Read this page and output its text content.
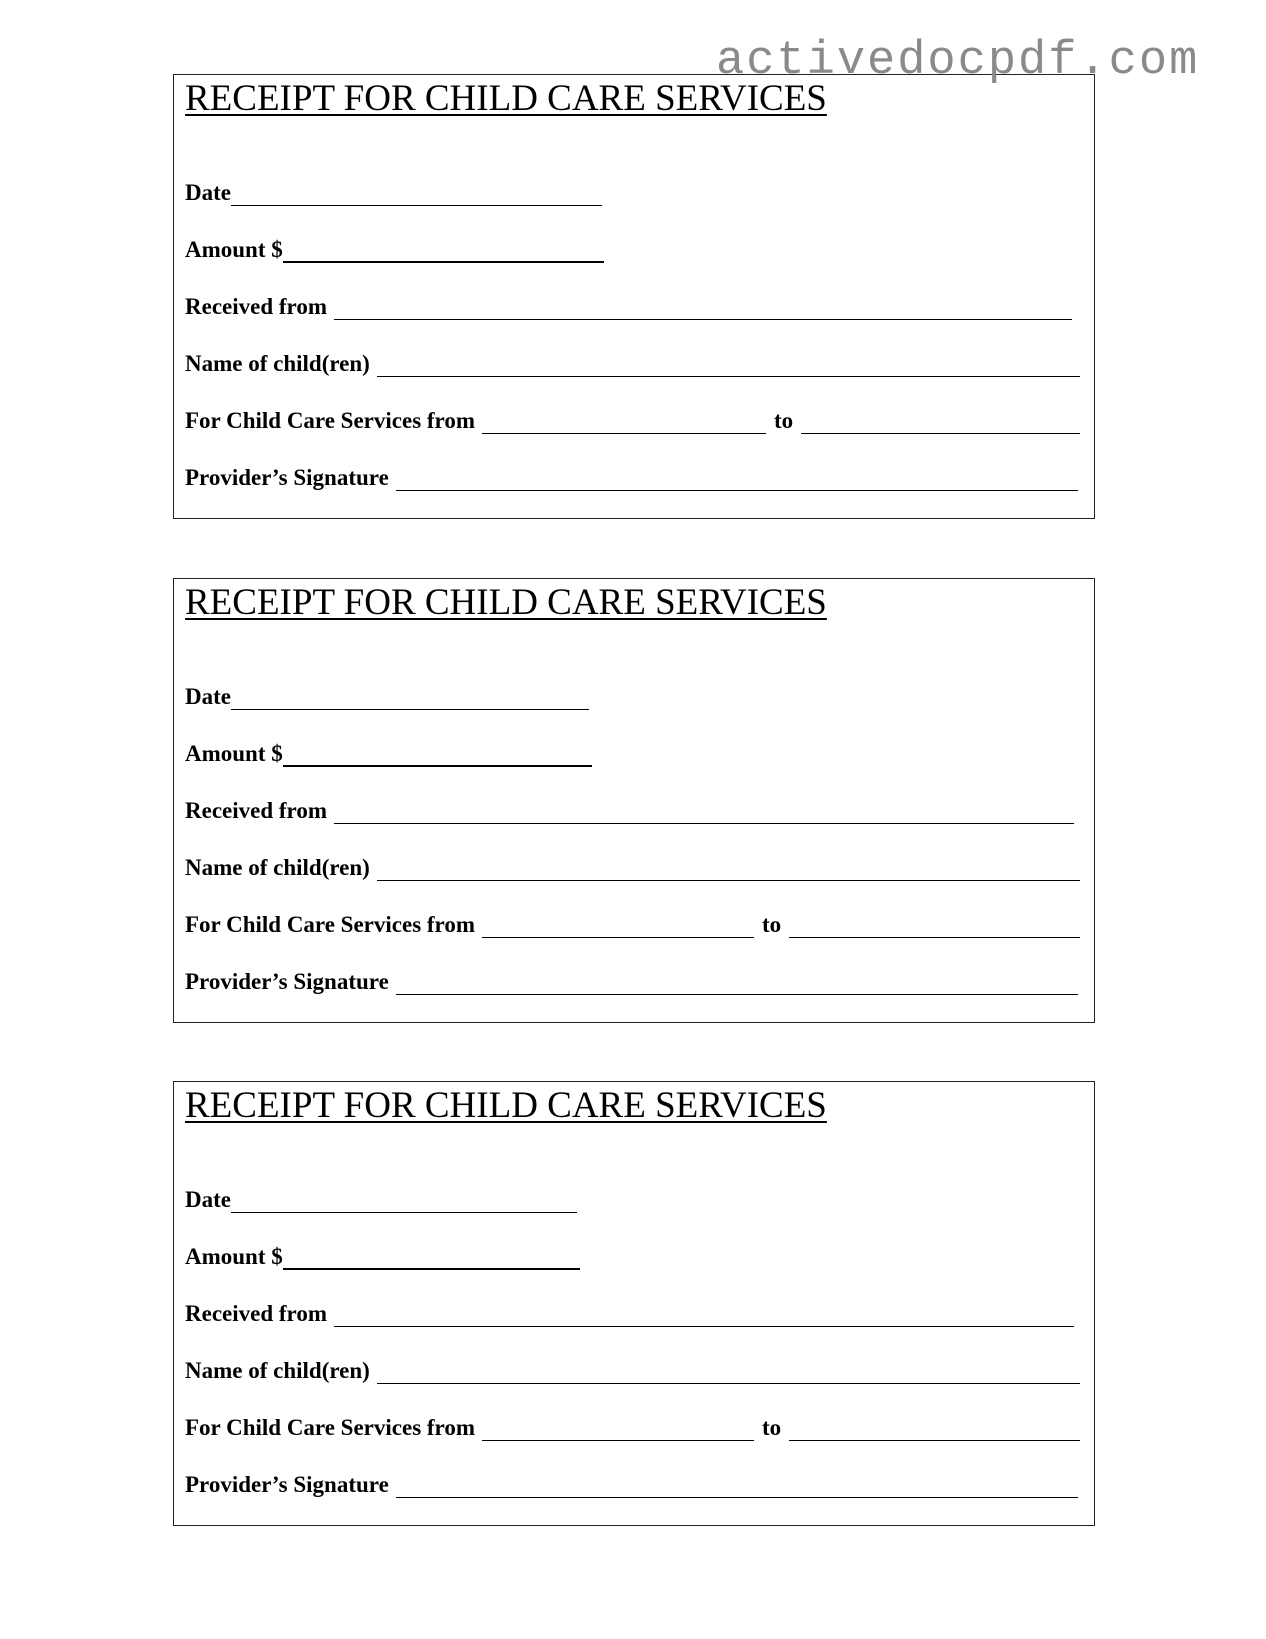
activedocpdf.com
RECEIPT FOR CHILD CARE SERVICES
Date
Amount $
Received from
Name of child(ren)
For Child Care Services from	to
Provider’s Signature
RECEIPT FOR CHILD CARE SERVICES
Date
Amount $
Received from
Name of child(ren)
For Child Care Services from	to
Provider’s Signature
RECEIPT FOR CHILD CARE SERVICES
Date
Amount $
Received from
Name of child(ren)
For Child Care Services from	to
Provider’s Signature
